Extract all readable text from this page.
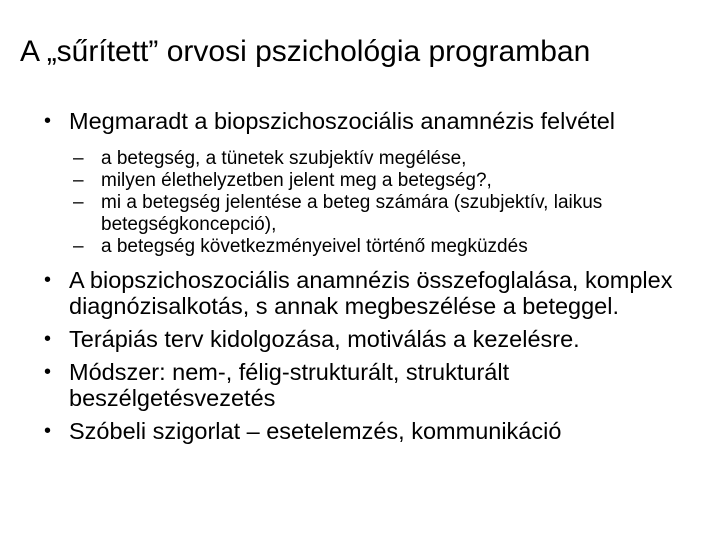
A „sűrített” orvosi pszichológia programban
• Megmaradt a biopszichoszociális anamnézis felvétel
– a betegség, a tünetek szubjektív megélése,
– milyen élethelyzetben jelent meg a betegség?,
– mi a betegség jelentése a beteg számára (szubjektív, laikus betegségkoncepció),
– a betegség következményeivel történő megküzdés
• A biopszichoszociális anamnézis összefoglalása, komplex diagnózisalkotás, s annak megbeszélése a beteggel.
• Terápiás terv kidolgozása, motiválás a kezelésre.
• Módszer: nem-, félig-strukturált, strukturált beszélgetésvezetés
• Szóbeli szigorlat – esetelemzés, kommunikáció
